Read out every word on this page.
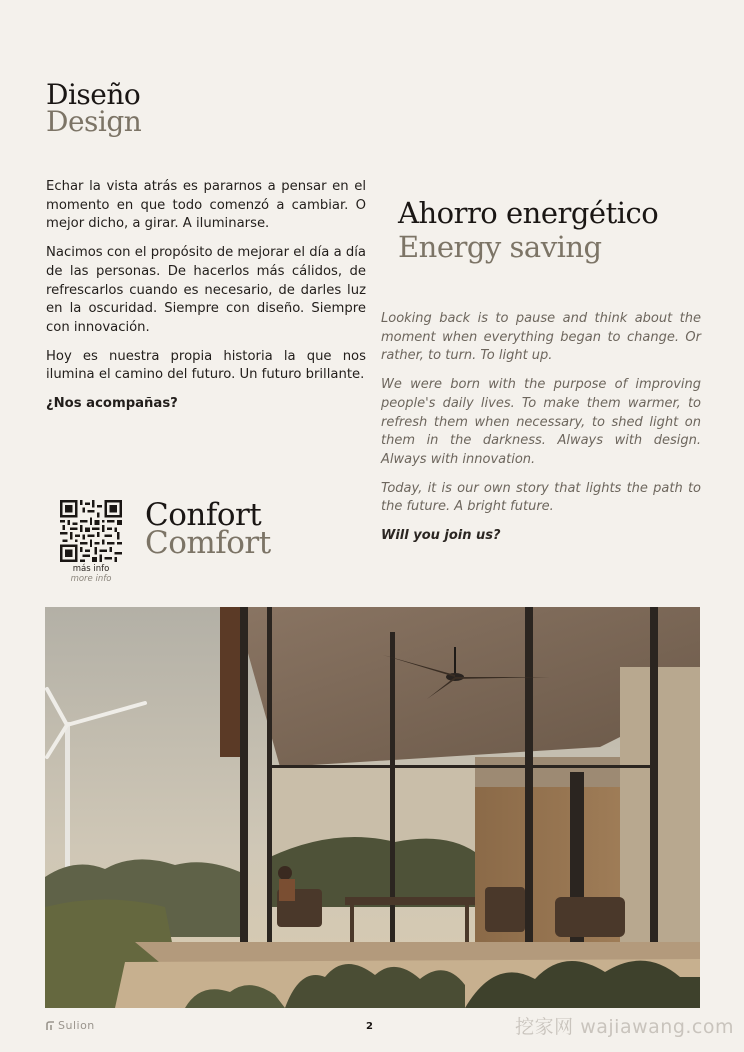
Diseño
Design
Ahorro energético
Energy saving
Confort
Comfort

Echar la vista atrás es pararnos a pensar en el momento en que todo comenzó a cambiar. O mejor dicho, a girar. A iluminarse.

Nacimos con el propósito de mejorar el día a día de las personas. De hacerlos más cálidos, de refrescarlos cuando es necesario, de darles luz en la oscuridad. Siempre con diseño. Siempre con innovación.

Hoy es nuestra propia historia la que nos ilumina el camino del futuro. Un futuro brillante.

¿Nos acompañas?

Looking back is to pause and think about the moment when everything began to change. Or rather, to turn. To light up.

We were born with the purpose of improving people's daily lives. To make them warmer, to refresh them when necessary, to shed light on them in the darkness. Always with design. Always with innovation.

Today, it is our own story that lights the path to the future. A bright future.

Will you join us?

más info
more info
Sulion	2	挖家网 wajiawang.com
